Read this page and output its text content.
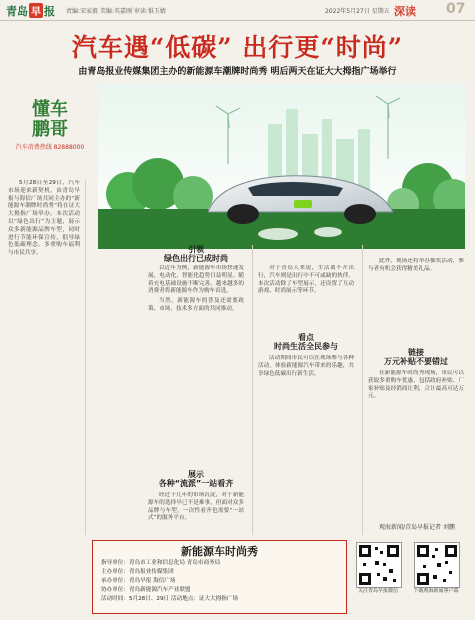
青岛 早 报 责编:宋家毅 美编:英嘉刚 审读:惧玉婧	2022年5月27日 星期五 深读 07
汽车遇“低碳” 出行更“时尚”
由青岛报业传媒集团主办的新能源车潮牌时尚秀 明后两天在证大大拇指广场举行
懂车
鹏哥
汽车消费热线 82888000
5月28日至29日，汽车市场迎来新契机，由青岛早报与海信广场共同主办的“新能源车潮牌时尚秀”将在证大大拇指广场举办。本次活动以“绿色出行”为主题，展示众多新能源品牌车型，同时进行节能环保宣传，倡导绿色低碳理念，多重购车福利与市民共享。	引领
绿色出行已成时尚

以近年为例，新能源车市场快速发展，电动化、智能化趋势日益明显。随着充电基础设施不断完善，越来越多的消费者将新能源车作为购车首选。

当然，新能源车的普及还需要政策、市场、技术多方面的共同推动。

展示
各种“流派”一站看齐

经过十几年的市场沉淀，对于新能源车的选择早已不是难事，但面对众多品牌与车型，一次性看齐也需要“一站式”的服务平台。

对于青岛人来说，生活离不开出行，汽车则是出行中不可或缺的伙伴。本次活动除了车型展示，还设置了互动游戏、时尚展示等环节。

看点
时尚生活全民参与

活动期间市民可以在现场参与各种活动，体验新能源汽车带来的乐趣，共享绿色低碳出行新生活。

此外，现场还将举办抽奖活动，参与者有机会获得精美礼品。

链接
万元补贴不要错过

在新能源车时尚秀现场，市民可以获取多重购车优惠，包括政府补贴、厂家补贴及经销商让利，合计最高可达万元。

观海新闻/青岛早报记者 刘鹏
新能源车时尚秀
指导单位：青岛市工业和信息化局 青岛市商务局
主办单位：青岛报业传媒集团
承办单位：青岛早报 海信广场
协办单位：青岛新能源汽车产业联盟
活动时间：5月28日、29日 活动地点：证大大拇指广场
关注青岛早报微信	下载观海新闻客户端
